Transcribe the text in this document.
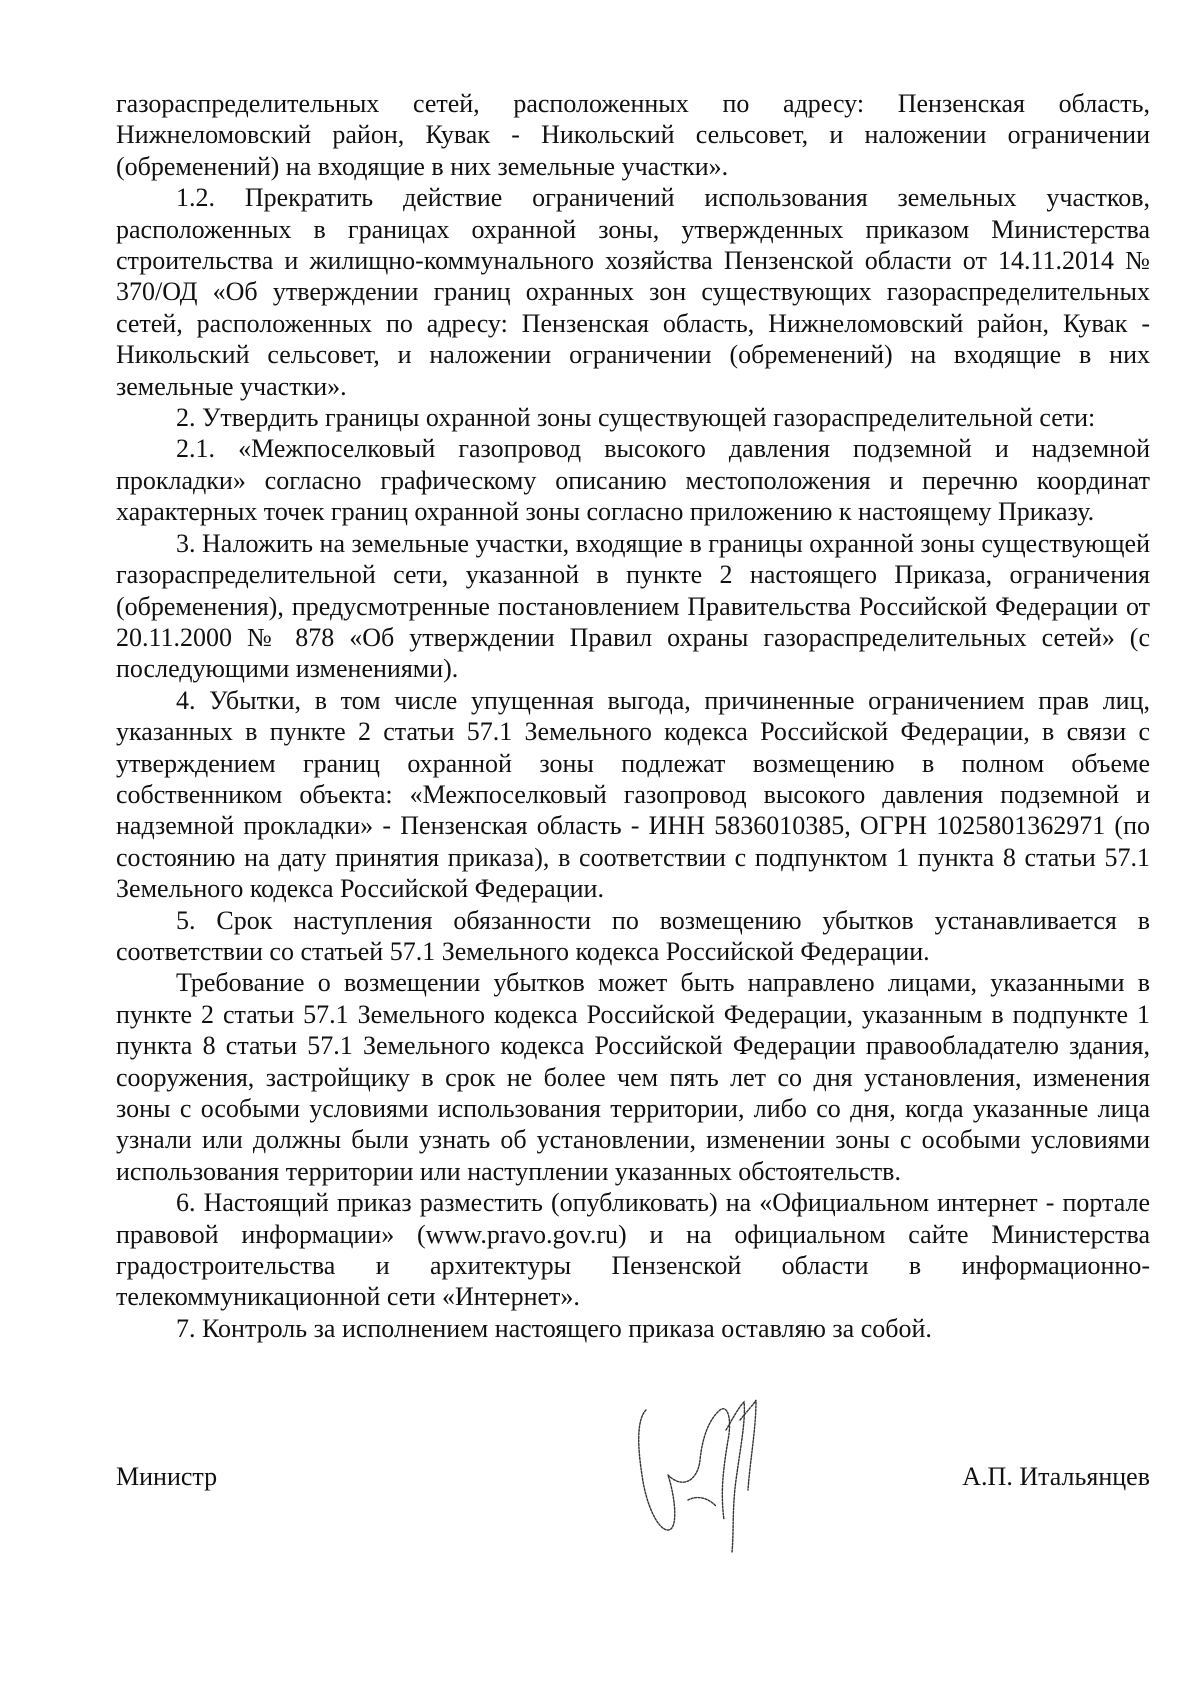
газораспределительных сетей, расположенных по адресу: Пензенская область, Нижнеломовский район, Кувак - Никольский сельсовет, и наложении ограничении (обременений) на входящие в них земельные участки».

1.2. Прекратить действие ограничений использования земельных участков, расположенных в границах охранной зоны, утвержденных приказом Министерства строительства и жилищно-коммунального хозяйства Пензенской области от 14.11.2014 № 370/ОД «Об утверждении границ охранных зон существующих газораспределительных сетей, расположенных по адресу: Пензенская область, Нижнеломовский район, Кувак - Никольский сельсовет, и наложении ограничении (обременений) на входящие в них земельные участки».

2. Утвердить границы охранной зоны существующей газораспределительной сети:

2.1. «Межпоселковый газопровод высокого давления подземной и надземной прокладки» согласно графическому описанию местоположения и перечню координат характерных точек границ охранной зоны согласно приложению к настоящему Приказу.

3. Наложить на земельные участки, входящие в границы охранной зоны существующей газораспределительной сети, указанной в пункте 2 настоящего Приказа, ограничения (обременения), предусмотренные постановлением Правительства Российской Федерации от 20.11.2000 № 878 «Об утверждении Правил охраны газораспределительных сетей» (с последующими изменениями).

4. Убытки, в том числе упущенная выгода, причиненные ограничением прав лиц, указанных в пункте 2 статьи 57.1 Земельного кодекса Российской Федерации, в связи с утверждением границ охранной зоны подлежат возмещению в полном объеме собственником объекта: «Межпоселковый газопровод высокого давления подземной и надземной прокладки» - Пензенская область - ИНН 5836010385, ОГРН 1025801362971 (по состоянию на дату принятия приказа), в соответствии с подпунктом 1 пункта 8 статьи 57.1 Земельного кодекса Российской Федерации.

5. Срок наступления обязанности по возмещению убытков устанавливается в соответствии со статьей 57.1 Земельного кодекса Российской Федерации.

Требование о возмещении убытков может быть направлено лицами, указанными в пункте 2 статьи 57.1 Земельного кодекса Российской Федерации, указанным в подпункте 1 пункта 8 статьи 57.1 Земельного кодекса Российской Федерации правообладателю здания, сооружения, застройщику в срок не более чем пять лет со дня установления, изменения зоны с особыми условиями использования территории, либо со дня, когда указанные лица узнали или должны были узнать об установлении, изменении зоны с особыми условиями использования территории или наступлении указанных обстоятельств.

6. Настоящий приказ разместить (опубликовать) на «Официальном интернет - портале правовой информации» (www.pravo.gov.ru) и на официальном сайте Министерства градостроительства и архитектуры Пензенской области в информационно-телекоммуникационной сети «Интернет».

7. Контроль за исполнением настоящего приказа оставляю за собой.

Министр	А.П. Итальянцев
